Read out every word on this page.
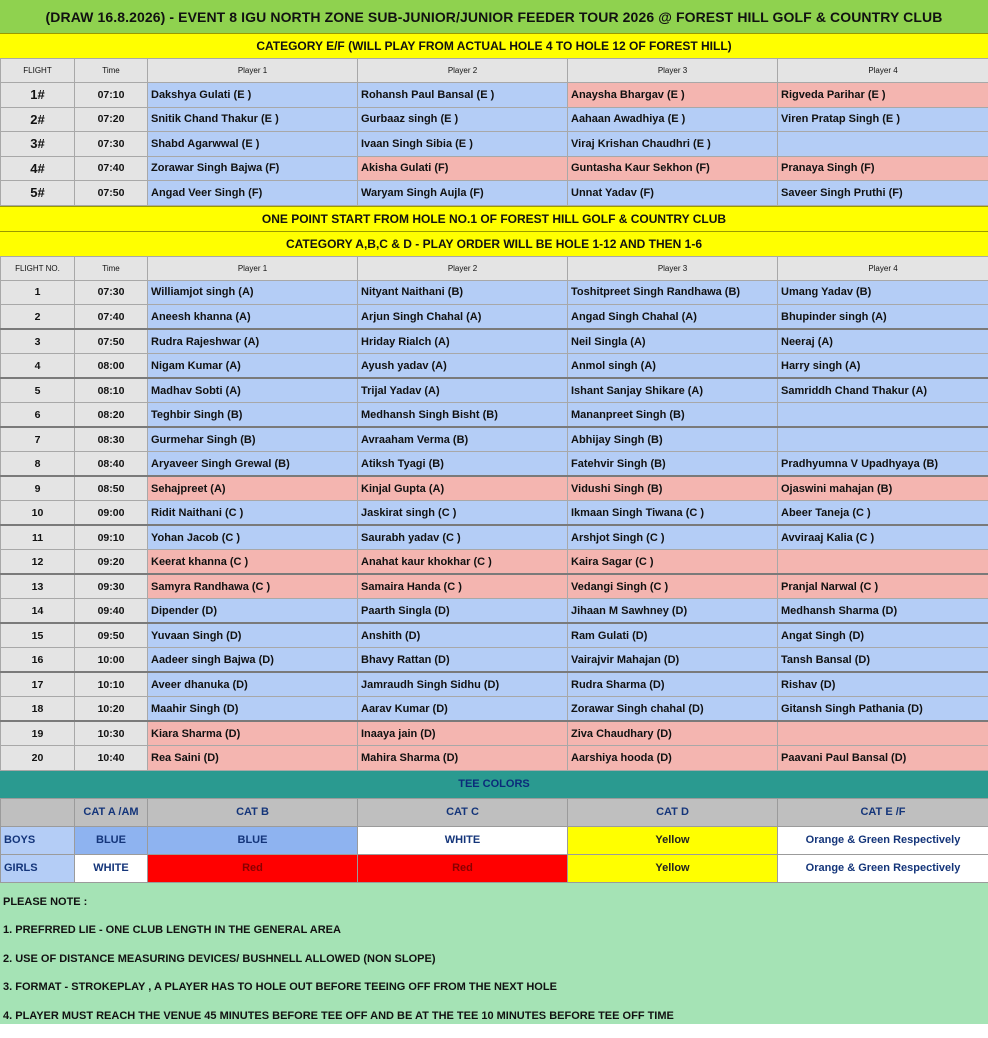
(DRAW 16.8.2026) - EVENT 8 IGU NORTH ZONE SUB-JUNIOR/JUNIOR FEEDER TOUR 2026 @ FOREST HILL GOLF & COUNTRY CLUB
CATEGORY E/F (WILL PLAY FROM ACTUAL HOLE 4 TO HOLE 12 OF FOREST HILL)
FLIGHT	Time	Player 1	Player 2	Player 3	Player 4
1#	07:10	Dakshya Gulati (E )	Rohansh Paul Bansal (E )	Anaysha Bhargav (E )	Rigveda Parihar (E )
2#	07:20	Snitik Chand Thakur (E )	Gurbaaz singh (E )	Aahaan Awadhiya (E )	Viren Pratap Singh (E )
3#	07:30	Shabd Agarwwal (E )	Ivaan Singh Sibia (E )	Viraj Krishan Chaudhri (E )	
4#	07:40	Zorawar Singh Bajwa (F)	Akisha Gulati (F)	Guntasha Kaur Sekhon (F)	Pranaya Singh (F)
5#	07:50	Angad Veer Singh (F)	Waryam Singh Aujla (F)	Unnat Yadav (F)	Saveer Singh Pruthi (F)
ONE POINT START FROM HOLE NO.1 OF FOREST HILL GOLF & COUNTRY CLUB
CATEGORY A,B,C & D - PLAY ORDER WILL BE HOLE 1-12 AND THEN 1-6
FLIGHT NO.	Time	Player 1	Player 2	Player 3	Player 4
1	07:30	Williamjot singh (A)	Nityant Naithani (B)	Toshitpreet Singh Randhawa (B)	Umang Yadav (B)
2	07:40	Aneesh khanna (A)	Arjun Singh Chahal (A)	Angad Singh Chahal (A)	Bhupinder singh (A)
3	07:50	Rudra Rajeshwar (A)	Hriday Rialch (A)	Neil Singla (A)	Neeraj (A)
4	08:00	Nigam Kumar (A)	Ayush yadav (A)	Anmol singh (A)	Harry singh (A)
5	08:10	Madhav Sobti (A)	Trijal Yadav (A)	Ishant Sanjay Shikare (A)	Samriddh Chand Thakur (A)
6	08:20	Teghbir Singh (B)	Medhansh Singh Bisht (B)	Mananpreet Singh (B)	
7	08:30	Gurmehar Singh (B)	Avraaham Verma (B)	Abhijay Singh (B)	
8	08:40	Aryaveer Singh Grewal (B)	Atiksh Tyagi (B)	Fatehvir Singh (B)	Pradhyumna V Upadhyaya (B)
9	08:50	Sehajpreet (A)	Kinjal Gupta (A)	Vidushi Singh (B)	Ojaswini mahajan (B)
10	09:00	Ridit Naithani (C )	Jaskirat singh (C )	Ikmaan Singh Tiwana (C )	Abeer Taneja (C )
11	09:10	Yohan Jacob (C )	Saurabh yadav (C )	Arshjot Singh (C )	Avviraaj Kalia (C )
12	09:20	Keerat khanna (C )	Anahat kaur khokhar (C )	Kaira Sagar (C )	
13	09:30	Samyra Randhawa (C )	Samaira Handa (C )	Vedangi Singh (C )	Pranjal Narwal (C )
14	09:40	Dipender (D)	Paarth Singla (D)	Jihaan M Sawhney (D)	Medhansh Sharma (D)
15	09:50	Yuvaan Singh (D)	Anshith (D)	Ram Gulati (D)	Angat Singh (D)
16	10:00	Aadeer singh Bajwa (D)	Bhavy Rattan (D)	Vairajvir Mahajan (D)	Tansh Bansal (D)
17	10:10	Aveer dhanuka (D)	Jamraudh Singh Sidhu (D)	Rudra Sharma (D)	Rishav (D)
18	10:20	Maahir Singh (D)	Aarav Kumar (D)	Zorawar Singh chahal (D)	Gitansh Singh Pathania (D)
19	10:30	Kiara Sharma (D)	Inaaya jain (D)	Ziva Chaudhary (D)	
20	10:40	Rea Saini (D)	Mahira Sharma (D)	Aarshiya hooda (D)	Paavani Paul Bansal (D)
TEE COLORS
	CAT A /AM	CAT B	CAT C	CAT D	CAT E /F
BOYS	BLUE	BLUE	WHITE	Yellow	Orange & Green Respectively
GIRLS	WHITE	Red	Red	Yellow	Orange & Green Respectively
PLEASE NOTE :
1. PREFRRED LIE - ONE CLUB LENGTH IN THE GENERAL AREA
2. USE OF DISTANCE MEASURING DEVICES/ BUSHNELL ALLOWED (NON SLOPE)
3. FORMAT - STROKEPLAY , A PLAYER HAS TO HOLE OUT BEFORE TEEING OFF FROM THE NEXT HOLE
4. PLAYER MUST REACH THE VENUE 45 MINUTES BEFORE TEE OFF AND BE AT THE TEE 10 MINUTES BEFORE TEE OFF TIME
